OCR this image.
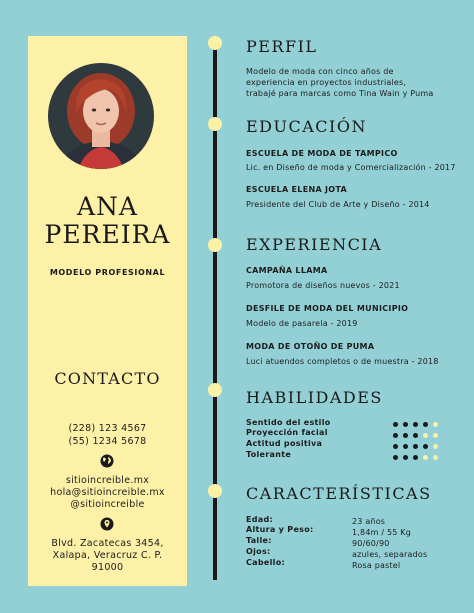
ANA
PEREIRA
MODELO PROFESIONAL
CONTACTO
(228) 123 4567
(55) 1234 5678
sitioincreible.mx
hola@sitioincreible.mx
@sitioincreible
Blvd. Zacatecas 3454,
Xalapa, Veracruz C. P.
91000
PERFIL
Modelo de moda con cinco años de
experiencia en proyectos industriales,
trabajé para marcas como Tina Wain y Puma
EDUCACIÓN
ESCUELA DE MODA DE TAMPICO
Lic. en Diseño de moda y Comercialización - 2017
ESCUELA ELENA JOTA
Presidente del Club de Arte y Diseño - 2014
EXPERIENCIA
CAMPAÑA LLAMA
Promotora de diseños nuevos - 2021
DESFILE DE MODA DEL MUNICIPIO
Modelo de pasarela - 2019
MODA DE OTOÑO DE PUMA
Luci atuendos completos o de muestra - 2018
HABILIDADES
Sentido del estilo
Proyección facial
Actitud positiva
Tolerante
CARACTERÍSTICAS
Edad:
Altura y Peso:
Talle:
Ojos:
Cabello:
23 años
1,84m / 55 Kg
90/60/90
azules, separados
Rosa pastel
